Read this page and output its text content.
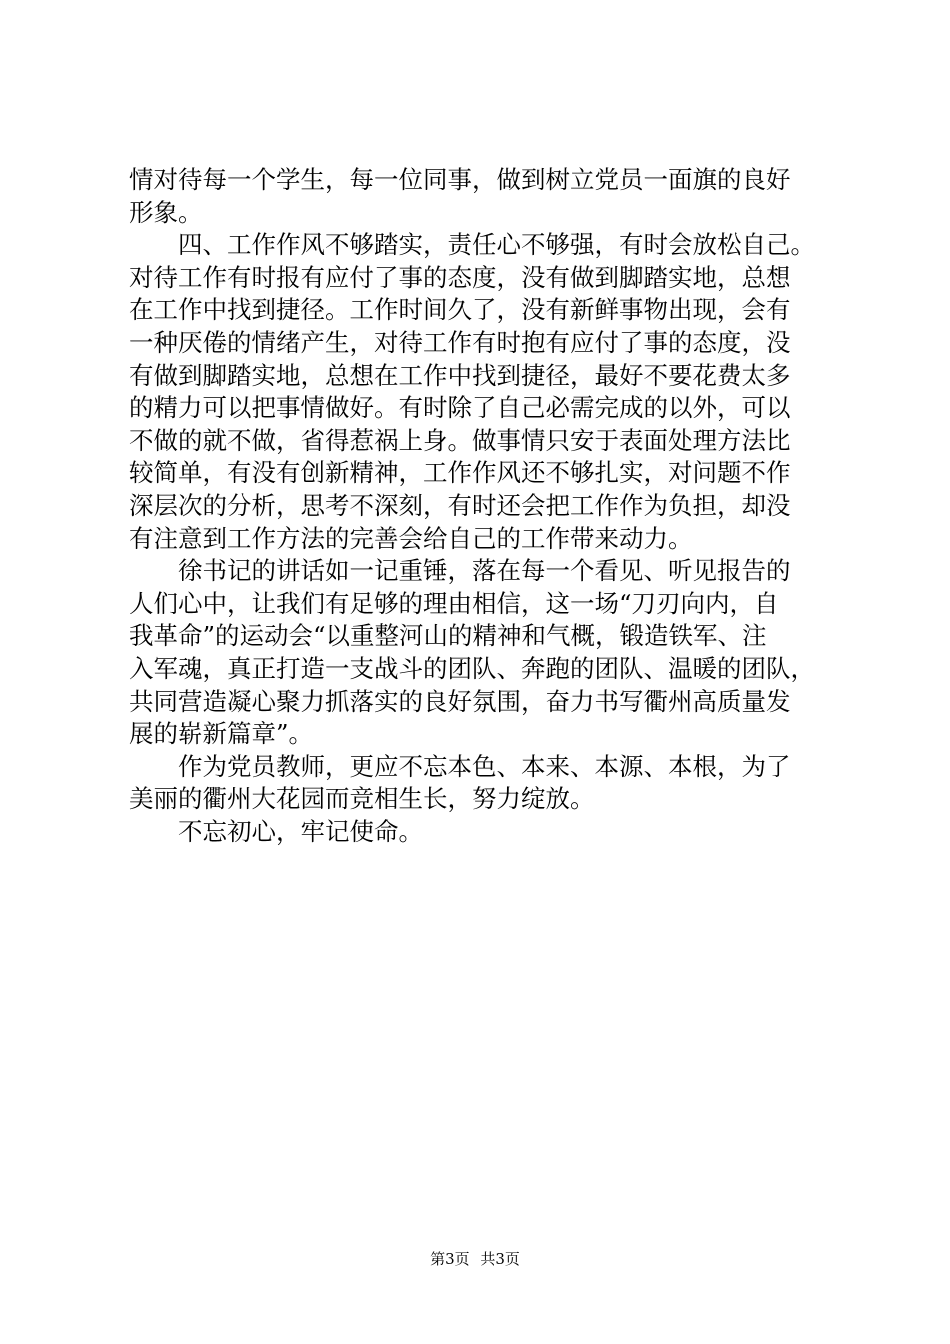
情对待每一个学生，每一位同事，做到树立党员一面旗的良好
形象。
四、工作作风不够踏实，责任心不够强，有时会放松自己。
对待工作有时报有应付了事的态度，没有做到脚踏实地，总想
在工作中找到捷径。工作时间久了，没有新鲜事物出现，会有
一种厌倦的情绪产生，对待工作有时抱有应付了事的态度，没
有做到脚踏实地，总想在工作中找到捷径，最好不要花费太多
的精力可以把事情做好。有时除了自己必需完成的以外，可以
不做的就不做，省得惹祸上身。做事情只安于表面处理方法比
较简单，有没有创新精神，工作作风还不够扎实，对问题不作
深层次的分析，思考不深刻，有时还会把工作作为负担，却没
有注意到工作方法的完善会给自己的工作带来动力。
徐书记的讲话如一记重锤，落在每一个看见、听见报告的
人们心中，让我们有足够的理由相信，这一场“刀刃向内，自
我革命”的运动会“以重整河山的精神和气概，锻造铁军、注
入军魂，真正打造一支战斗的团队、奔跑的团队、温暖的团队，
共同营造凝心聚力抓落实的良好氛围，奋力书写衢州高质量发
展的崭新篇章”。
作为党员教师，更应不忘本色、本来、本源、本根，为了
美丽的衢州大花园而竞相生长，努力绽放。
不忘初心，牢记使命。
第3页 共3页
